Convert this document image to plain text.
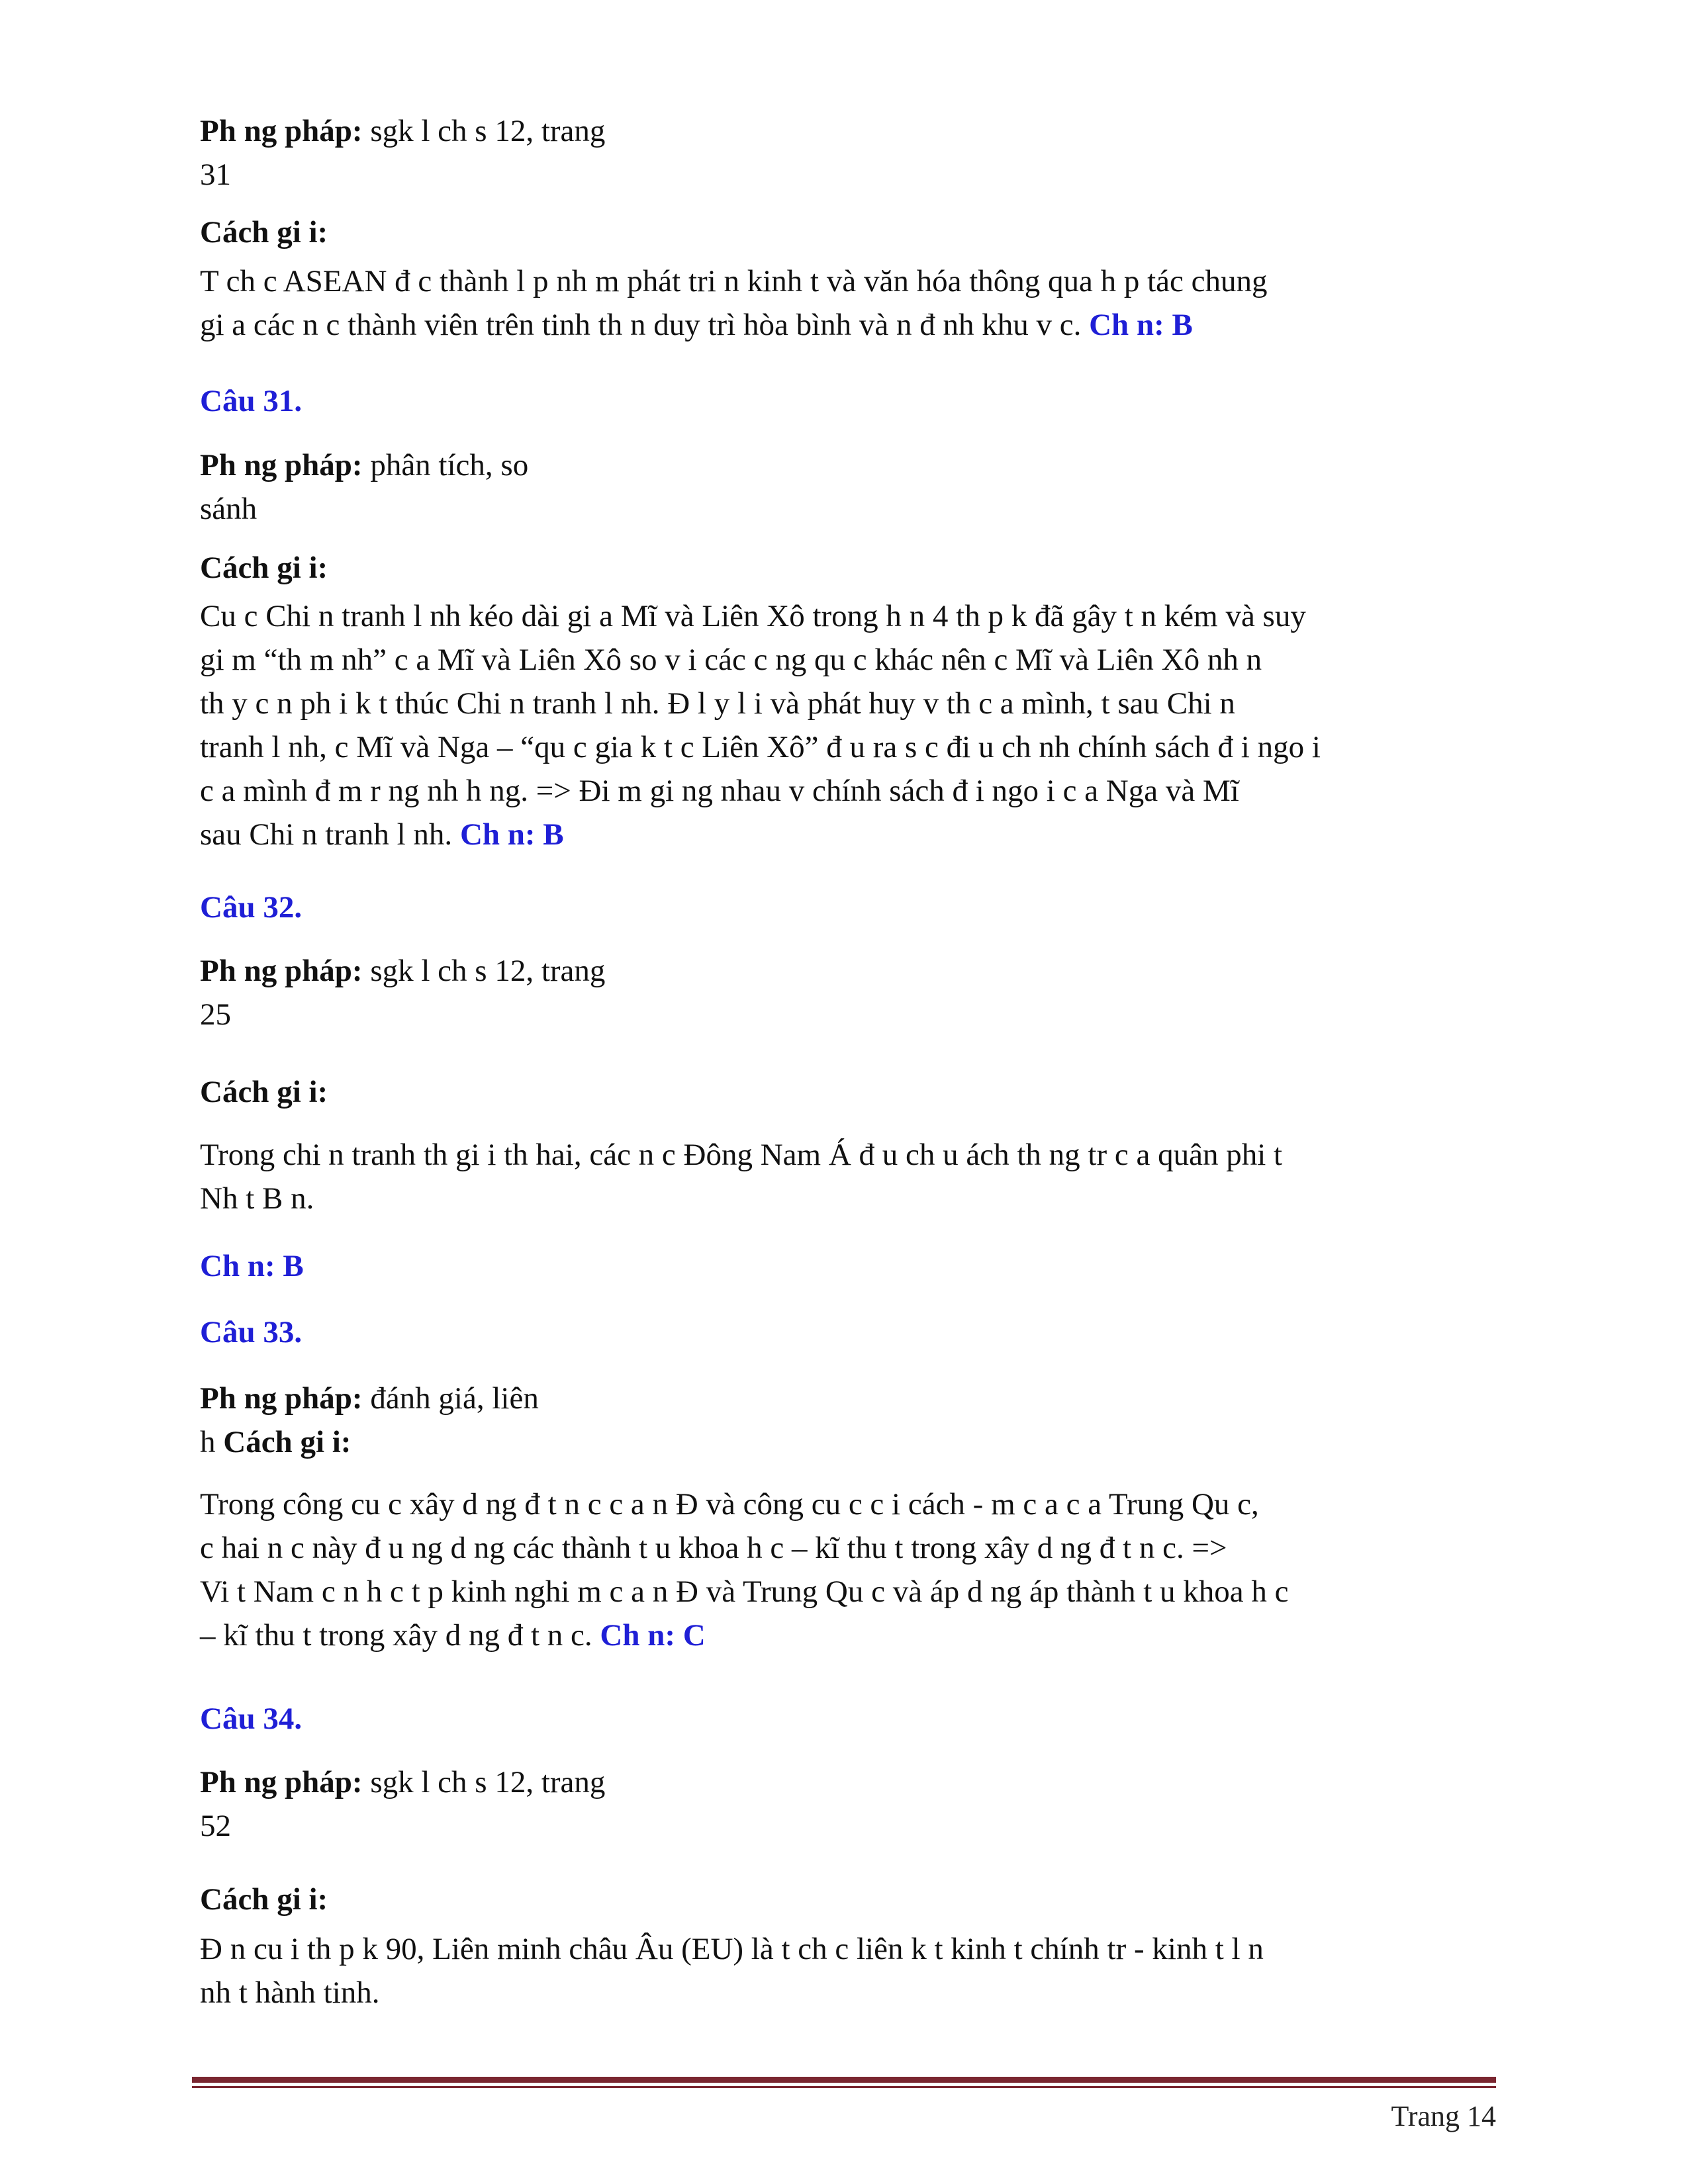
Ph ng pháp: sgk l ch s 12, trang
31
Cách gi i:
T ch c ASEAN đ c thành l p nh m phát tri n kinh t và văn hóa thông qua h p tác chung
gi a các n c thành viên trên tinh th n duy trì hòa bình và n đ nh khu v c. Ch n: B
Câu 31.
Ph ng pháp: phân tích, so
sánh
Cách gi i:
Cu c Chi n tranh l nh kéo dài gi a Mĩ và Liên Xô trong h n 4 th p k đã gây t n kém và suy
gi m “th m nh” c a Mĩ và Liên Xô so v i các c ng qu c khác nên c Mĩ và Liên Xô nh n
th y c n ph i k t thúc Chi n tranh l nh. Đ l y l i và phát huy v th c a mình, t sau Chi n
tranh l nh, c Mĩ và Nga – “qu c gia k t c Liên Xô” đ u ra s c đi u ch nh chính sách đ i ngo i
c a mình đ m r ng nh h ng. => Đi m gi ng nhau v chính sách đ i ngo i c a Nga và Mĩ
sau Chi n tranh l nh. Ch n: B
Câu 32.
Ph ng pháp: sgk l ch s 12, trang
25
Cách gi i:
Trong chi n tranh th gi i th hai, các n c Đông Nam Á đ u ch u ách th ng tr c a quân phi t
Nh t B n.
Ch n: B
Câu 33.
Ph ng pháp: đánh giá, liên
h Cách gi i:
Trong công cu c xây d ng đ t n c c a n Đ và công cu c c i cách - m c a c a Trung Qu c,
c hai n c này đ u ng d ng các thành t u khoa h c – kĩ thu t trong xây d ng đ t n c. =>
Vi t Nam c n h c t p kinh nghi m c a n Đ và Trung Qu c và áp d ng áp thành t u khoa h c
– kĩ thu t trong xây d ng đ t n c. Ch n: C
Câu 34.
Ph ng pháp: sgk l ch s 12, trang
52
Cách gi i:
Đ n cu i th p k 90, Liên minh châu Âu (EU) là t ch c liên k t kinh t chính tr - kinh t l n
nh t hành tinh.
Trang 14
